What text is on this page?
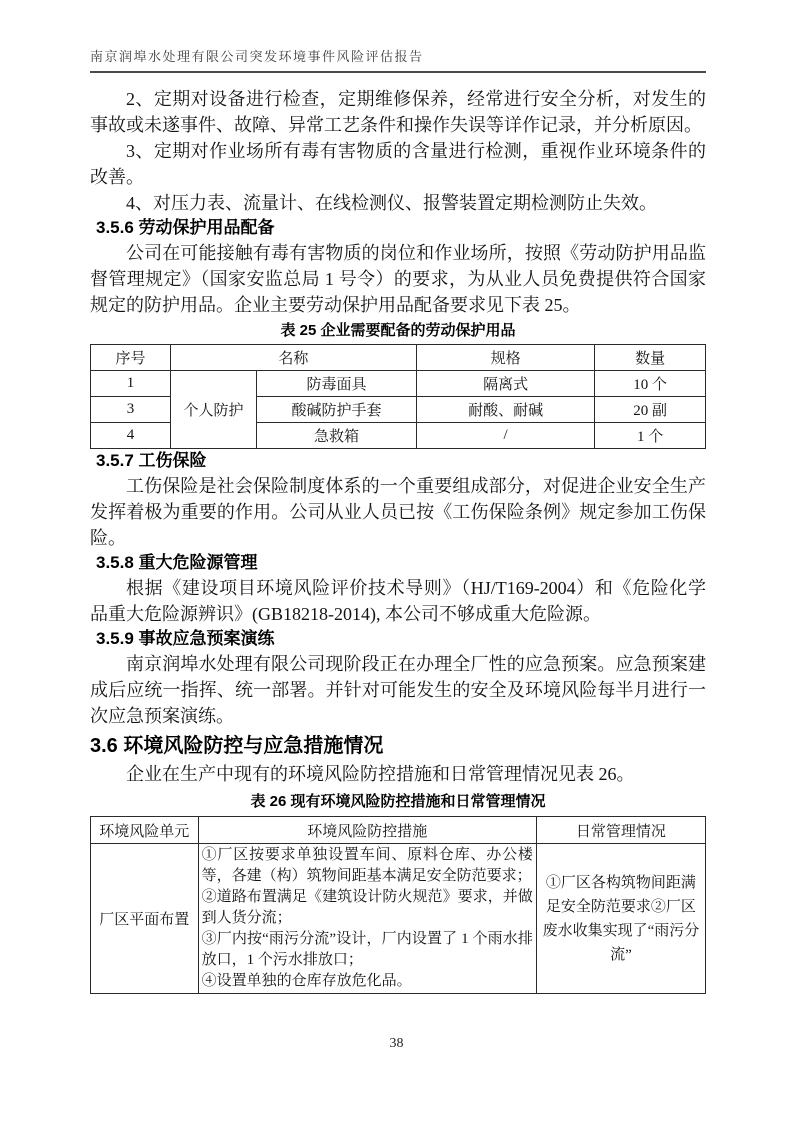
南京润埠水处理有限公司突发环境事件风险评估报告

2、定期对设备进行检查，定期维修保养，经常进行安全分析，对发生的事故或未遂事件、故障、异常工艺条件和操作失误等详作记录，并分析原因。

3、定期对作业场所有毒有害物质的含量进行检测，重视作业环境条件的改善。

4、对压力表、流量计、在线检测仪、报警装置定期检测防止失效。

3.5.6 劳动保护用品配备

公司在可能接触有毒有害物质的岗位和作业场所，按照《劳动防护用品监督管理规定》（国家安监总局 1 号令）的要求，为从业人员免费提供符合国家规定的防护用品。企业主要劳动保护用品配备要求见下表 25。

表 25 企业需要配备的劳动保护用品
序号	名称		规格	数量
1	个人防护	防毒面具	隔离式	10 个
3		酸碱防护手套	耐酸、耐碱	20 副
4		急救箱	/	1 个
3.5.7 工伤保险

工伤保险是社会保险制度体系的一个重要组成部分，对促进企业安全生产发挥着极为重要的作用。公司从业人员已按《工伤保险条例》规定参加工伤保险。

3.5.8 重大危险源管理

根据《建设项目环境风险评价技术导则》（HJ/T169-2004）和《危险化学品重大危险源辨识》(GB18218-2014), 本公司不够成重大危险源。

3.5.9 事故应急预案演练

南京润埠水处理有限公司现阶段正在办理全厂性的应急预案。应急预案建成后应统一指挥、统一部署。并针对可能发生的安全及环境风险每半月进行一次应急预案演练。

3.6 环境风险防控与应急措施情况

企业在生产中现有的环境风险防控措施和日常管理情况见表 26。

表 26 现有环境风险防控措施和日常管理情况
环境风险单元	环境风险防控措施	日常管理情况
厂区平面布置	①厂区按要求单独设置车间、原料仓库、办公楼等，各建（构）筑物间距基本满足安全防范要求；
②道路布置满足《建筑设计防火规范》要求，并做到人货分流；
③厂内按“雨污分流”设计，厂内设置了 1 个雨水排放口，1 个污水排放口；
④设置单独的仓库存放危化品。	①厂区各构筑物间距满足安全防范要求②厂区废水收集实现了“雨污分流”
38
